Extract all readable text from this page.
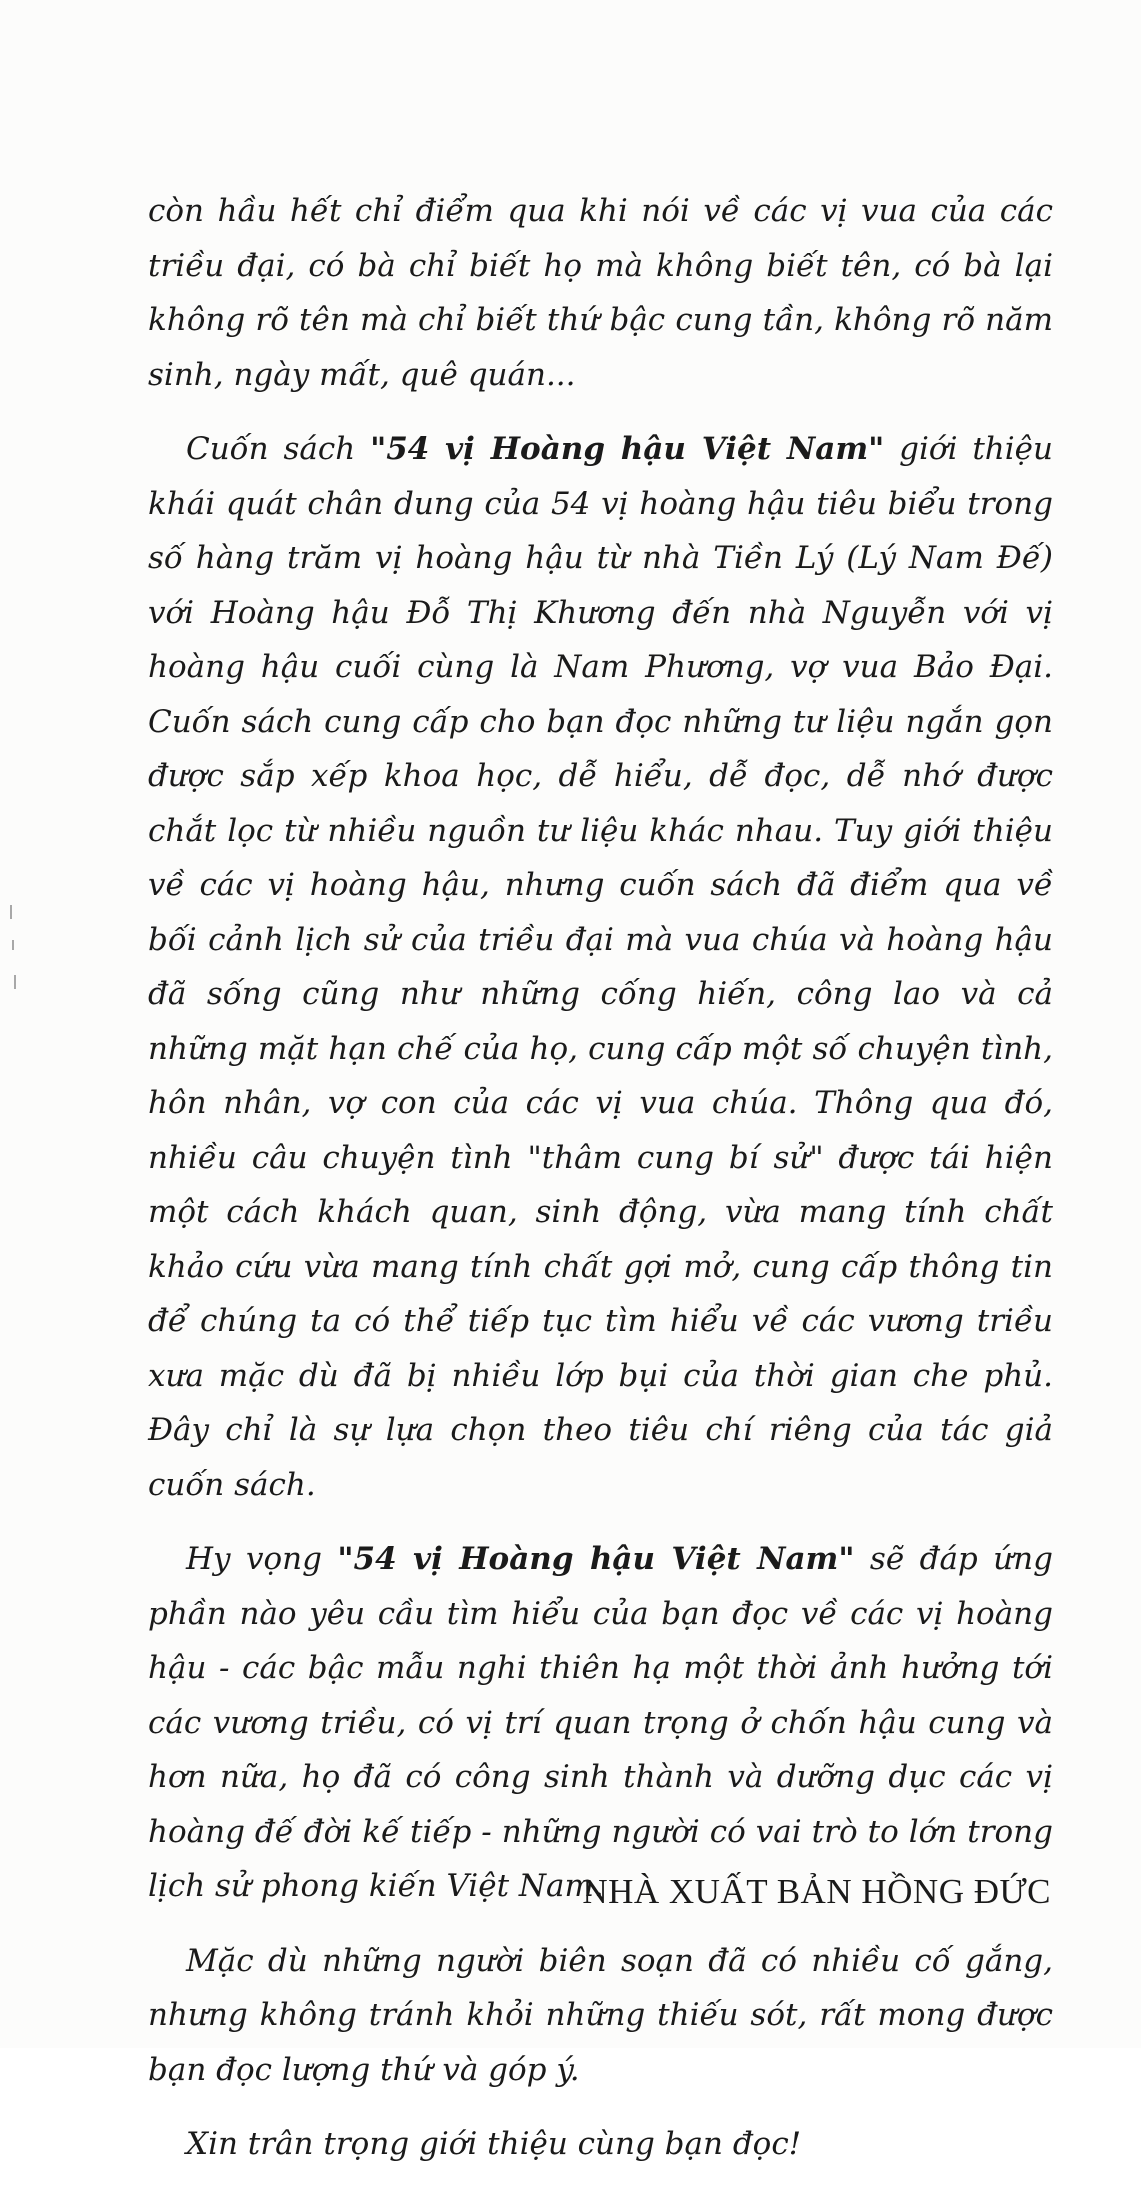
còn hầu hết chỉ điểm qua khi nói về các vị vua của các triều đại, có bà chỉ biết họ mà không biết tên, có bà lại không rõ tên mà chỉ biết thứ bậc cung tần, không rõ năm sinh, ngày mất, quê quán...

Cuốn sách "54 vị Hoàng hậu Việt Nam" giới thiệu khái quát chân dung của 54 vị hoàng hậu tiêu biểu trong số hàng trăm vị hoàng hậu từ nhà Tiền Lý (Lý Nam Đế) với Hoàng hậu Đỗ Thị Khương đến nhà Nguyễn với vị hoàng hậu cuối cùng là Nam Phương, vợ vua Bảo Đại. Cuốn sách cung cấp cho bạn đọc những tư liệu ngắn gọn được sắp xếp khoa học, dễ hiểu, dễ đọc, dễ nhớ được chắt lọc từ nhiều nguồn tư liệu khác nhau. Tuy giới thiệu về các vị hoàng hậu, nhưng cuốn sách đã điểm qua về bối cảnh lịch sử của triều đại mà vua chúa và hoàng hậu đã sống cũng như những cống hiến, công lao và cả những mặt hạn chế của họ, cung cấp một số chuyện tình, hôn nhân, vợ con của các vị vua chúa. Thông qua đó, nhiều câu chuyện tình "thâm cung bí sử" được tái hiện một cách khách quan, sinh động, vừa mang tính chất khảo cứu vừa mang tính chất gợi mở, cung cấp thông tin để chúng ta có thể tiếp tục tìm hiểu về các vương triều xưa mặc dù đã bị nhiều lớp bụi của thời gian che phủ. Đây chỉ là sự lựa chọn theo tiêu chí riêng của tác giả cuốn sách.

Hy vọng "54 vị Hoàng hậu Việt Nam" sẽ đáp ứng phần nào yêu cầu tìm hiểu của bạn đọc về các vị hoàng hậu - các bậc mẫu nghi thiên hạ một thời ảnh hưởng tới các vương triều, có vị trí quan trọng ở chốn hậu cung và hơn nữa, họ đã có công sinh thành và dưỡng dục các vị hoàng đế đời kế tiếp - những người có vai trò to lớn trong lịch sử phong kiến Việt Nam.

Mặc dù những người biên soạn đã có nhiều cố gắng, nhưng không tránh khỏi những thiếu sót, rất mong được bạn đọc lượng thứ và góp ý.

Xin trân trọng giới thiệu cùng bạn đọc!

NHÀ XUẤT BẢN HỒNG ĐỨC
